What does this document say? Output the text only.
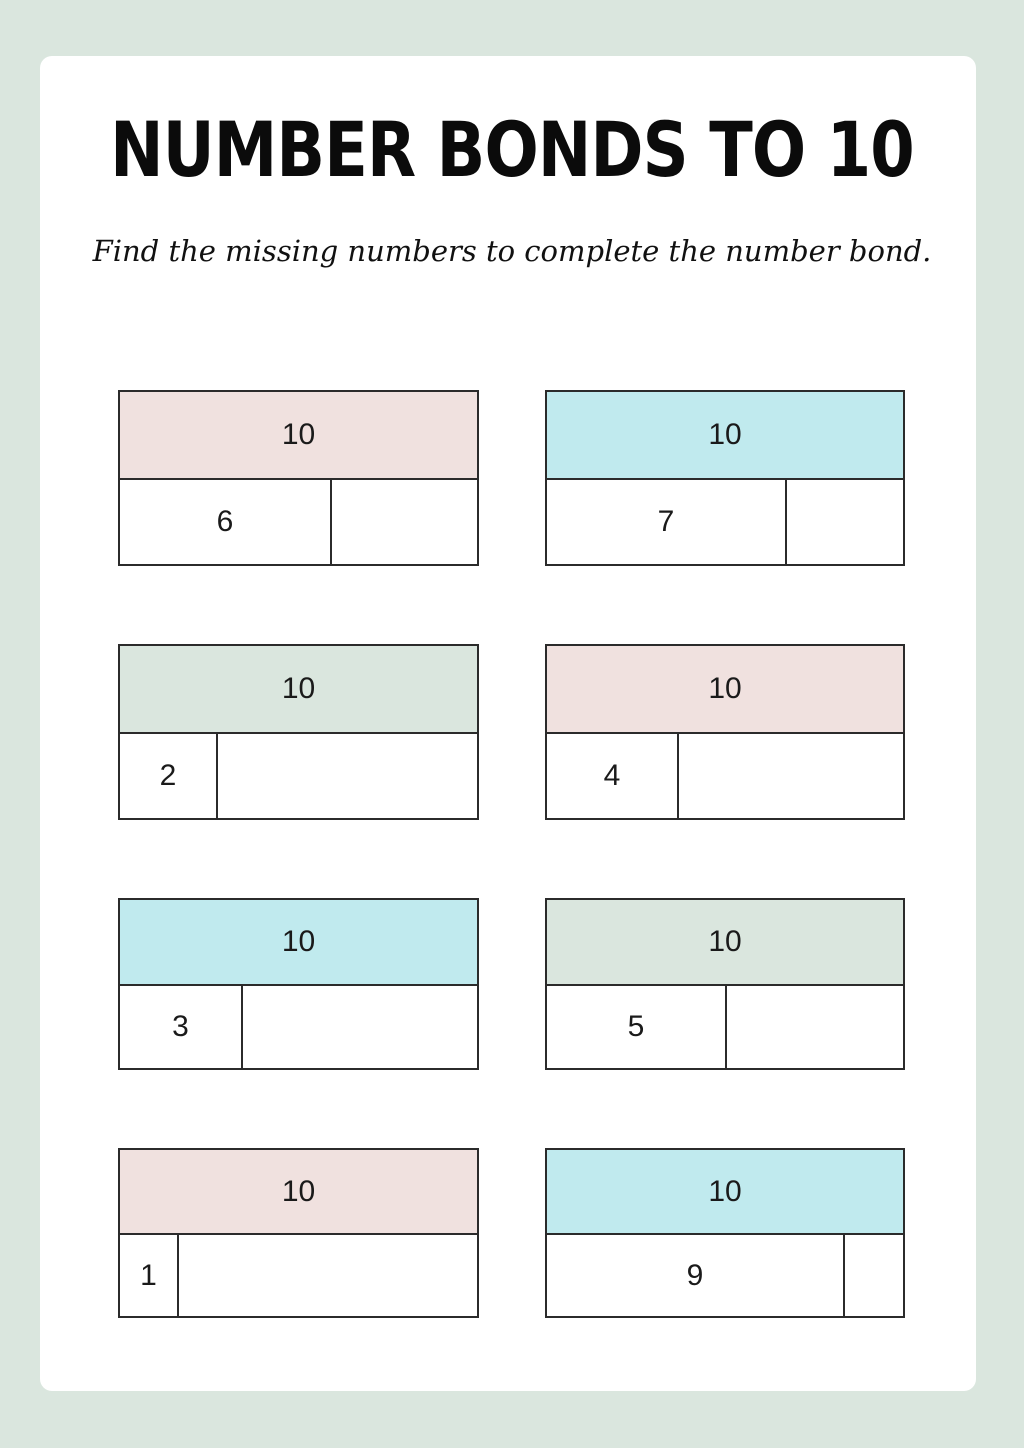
NUMBER BONDS TO 10
Find the missing numbers to complete the number bond.
10
6
10
7
10
2
10
4
10
3
10
5
10
1
10
9
